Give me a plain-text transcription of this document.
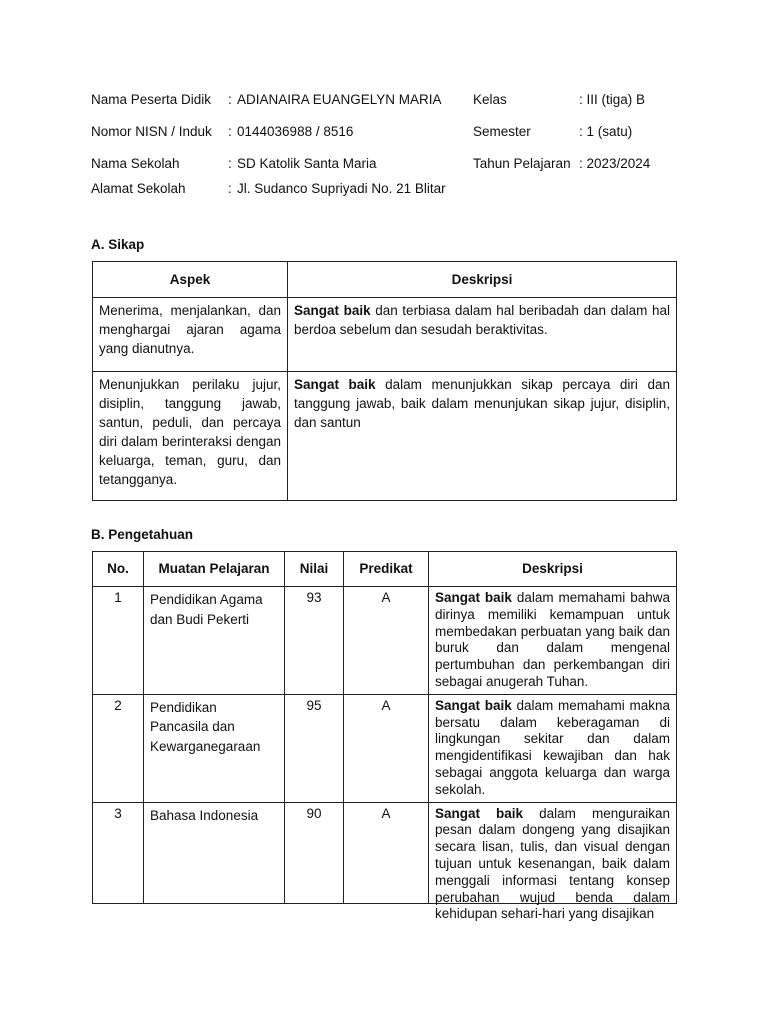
Nama Peserta Didik : ADIANAIRA EUANGELYN MARIA Kelas	: III (tiga) B
Nomor NISN / Induk : 0144036988 / 8516	Semester	: 1 (satu)
Nama Sekolah	: SD Katolik Santa Maria	Tahun Pelajaran : 2023/2024
Alamat Sekolah	: Jl. Sudanco Supriyadi No. 21 Blitar
A. Sikap
Aspek	Deskripsi
Menerima, menjalankan, dan menghargai ajaran agama yang dianutnya.	Sangat baik dan terbiasa dalam hal beribadah dan dalam hal berdoa sebelum dan sesudah beraktivitas.
Menunjukkan perilaku jujur, disiplin, tanggung jawab, santun, peduli, dan percaya diri dalam berinteraksi dengan keluarga, teman, guru, dan tetangganya.	Sangat baik dalam menunjukkan sikap percaya diri dan tanggung jawab, baik dalam menunjukan sikap jujur, disiplin, dan santun
B. Pengetahuan
No.	Muatan Pelajaran	Nilai	Predikat	Deskripsi
1	Pendidikan Agama dan Budi Pekerti	93	A	Sangat baik dalam memahami bahwa dirinya memiliki kemampuan untuk membedakan perbuatan yang baik dan buruk dan dalam mengenal pertumbuhan dan perkembangan diri sebagai anugerah Tuhan.
2	Pendidikan Pancasila dan Kewarganegaraan	95	A	Sangat baik dalam memahami makna bersatu dalam keberagaman di lingkungan sekitar dan dalam mengidentifikasi kewajiban dan hak sebagai anggota keluarga dan warga sekolah.
3	Bahasa Indonesia	90	A	Sangat baik dalam menguraikan pesan dalam dongeng yang disajikan secara lisan, tulis, dan visual dengan tujuan untuk kesenangan, baik dalam menggali informasi tentang konsep perubahan wujud benda dalam kehidupan sehari-hari yang disajikan
